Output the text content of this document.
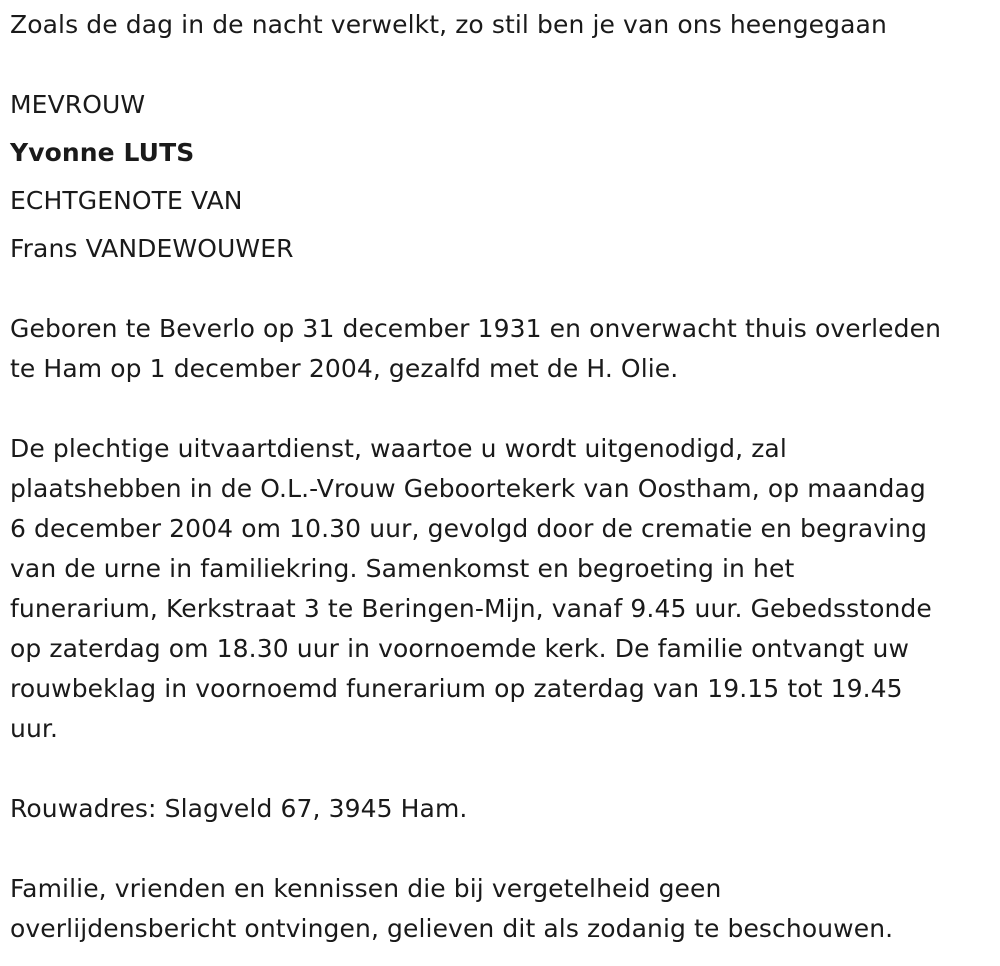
Zoals de dag in de nacht verwelkt, zo stil ben je van ons heengegaan
MEVROUW
Yvonne LUTS
ECHTGENOTE VAN
Frans VANDEWOUWER
Geboren te Beverlo op 31 december 1931 en onverwacht thuis overleden
te Ham op 1 december 2004, gezalfd met de H. Olie.
De plechtige uitvaartdienst, waartoe u wordt uitgenodigd, zal
plaatshebben in de O.L.-Vrouw Geboortekerk van Oostham, op maandag
6 december 2004 om 10.30 uur, gevolgd door de crematie en begraving
van de urne in familiekring. Samenkomst en begroeting in het
funerarium, Kerkstraat 3 te Beringen-Mijn, vanaf 9.45 uur. Gebedsstonde
op zaterdag om 18.30 uur in voornoemde kerk. De familie ontvangt uw
rouwbeklag in voornoemd funerarium op zaterdag van 19.15 tot 19.45
uur.
Rouwadres: Slagveld 67, 3945 Ham.
Familie, vrienden en kennissen die bij vergetelheid geen
overlijdensbericht ontvingen, gelieven dit als zodanig te beschouwen.
